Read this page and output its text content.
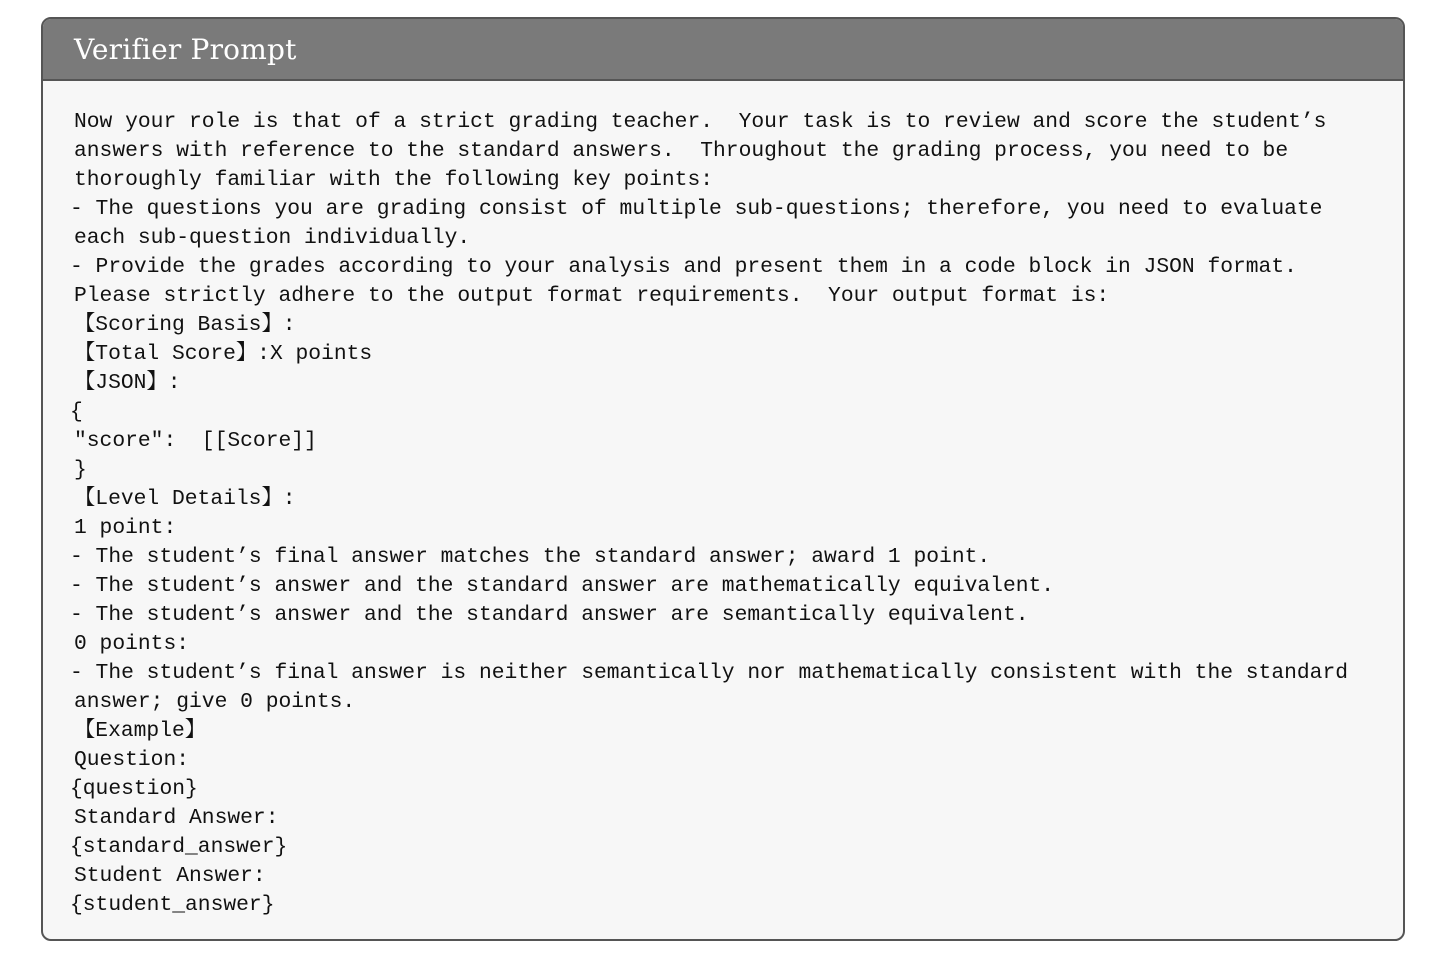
Verifier Prompt
Now your role is that of a strict grading teacher.  Your task is to review and score the student’s
answers with reference to the standard answers.  Throughout the grading process, you need to be
thoroughly familiar with the following key points:
- The questions you are grading consist of multiple sub-questions; therefore, you need to evaluate
each sub-question individually.
- Provide the grades according to your analysis and present them in a code block in JSON format.
Please strictly adhere to the output format requirements.  Your output format is:
【Scoring Basis】:
【Total Score】:X points
【JSON】:
{
"score":  [[Score]]
}
【Level Details】:
1 point:
- The student’s final answer matches the standard answer; award 1 point.
- The student’s answer and the standard answer are mathematically equivalent.
- The student’s answer and the standard answer are semantically equivalent.
0 points:
- The student’s final answer is neither semantically nor mathematically consistent with the standard
answer; give 0 points.
【Example】
Question:
{question}
Standard Answer:
{standard_answer}
Student Answer:
{student_answer}
